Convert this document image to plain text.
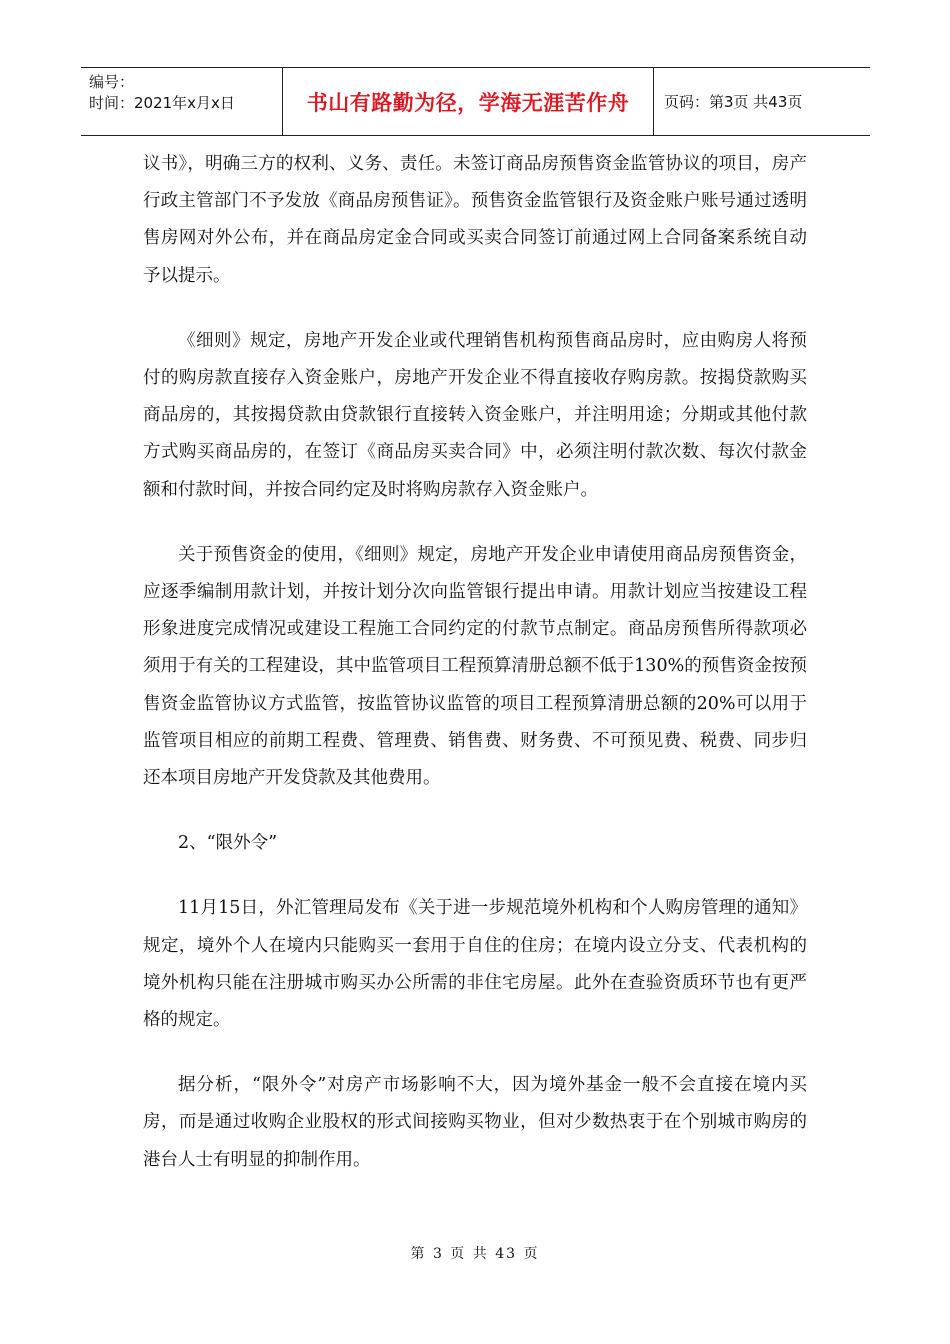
编号：
时间：2021年x月x日	书山有路勤为径，学海无涯苦作舟	页码：第3页 共43页

议书》，明确三方的权利、义务、责任。未签订商品房预售资金监管协议的项目，房产行政主管部门不予发放《商品房预售证》。预售资金监管银行及资金账户账号通过透明售房网对外公布，并在商品房定金合同或买卖合同签订前通过网上合同备案系统自动予以提示。

《细则》规定，房地产开发企业或代理销售机构预售商品房时，应由购房人将预付的购房款直接存入资金账户，房地产开发企业不得直接收存购房款。按揭贷款购买商品房的，其按揭贷款由贷款银行直接转入资金账户，并注明用途；分期或其他付款方式购买商品房的，在签订《商品房买卖合同》中，必须注明付款次数、每次付款金额和付款时间，并按合同约定及时将购房款存入资金账户。

关于预售资金的使用，《细则》规定，房地产开发企业申请使用商品房预售资金，应逐季编制用款计划，并按计划分次向监管银行提出申请。用款计划应当按建设工程形象进度完成情况或建设工程施工合同约定的付款节点制定。商品房预售所得款项必须用于有关的工程建设，其中监管项目工程预算清册总额不低于130%的预售资金按预售资金监管协议方式监管，按监管协议监管的项目工程预算清册总额的20%可以用于监管项目相应的前期工程费、管理费、销售费、财务费、不可预见费、税费、同步归还本项目房地产开发贷款及其他费用。

2、“限外令”

11月15日，外汇管理局发布《关于进一步规范境外机构和个人购房管理的通知》规定，境外个人在境内只能购买一套用于自住的住房；在境内设立分支、代表机构的境外机构只能在注册城市购买办公所需的非住宅房屋。此外在查验资质环节也有更严格的规定。

据分析，“限外令”对房产市场影响不大，因为境外基金一般不会直接在境内买房，而是通过收购企业股权的形式间接购买物业，但对少数热衷于在个别城市购房的港台人士有明显的抑制作用。

第 3 页 共 43 页
